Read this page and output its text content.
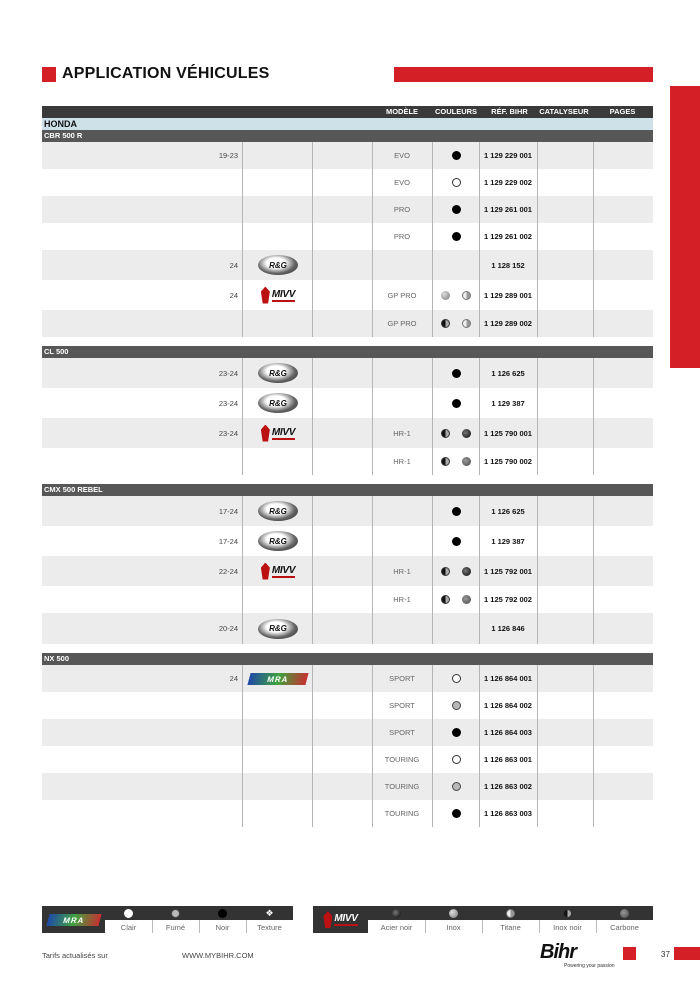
APPLICATION VÉHICULES
MODÈLE	COULEURS	RÉF. BIHR	CATALYSEUR	PAGES
HONDA
CBR 500 R
19-23	EVO	1 129 229 001
EVO	1 129 229 002
PRO	1 129 261 001
PRO	1 129 261 002
24	R&G	1 128 152
24	MIVV	GP PRO	1 129 289 001
GP PRO	1 129 289 002
CL 500
23-24	R&G	1 126 625
23-24	R&G	1 129 387
23-24	MIVV	HR-1	1 125 790 001
HR-1	1 125 790 002
CMX 500 REBEL
17-24	R&G	1 126 625
17-24	R&G	1 129 387
22-24	MIVV	HR-1	1 125 792 001
HR-1	1 125 792 002
20-24	R&G	1 126 846
NX 500
24	MRA	SPORT	1 126 864 001
SPORT	1 126 864 002
SPORT	1 126 864 003
TOURING	1 126 863 001
TOURING	1 126 863 002
TOURING	1 126 863 003
MRA
Clair	Fumé	Noir
❖
Texture
MIVV
Acier noir	Inox	Titane	Inox noir	Carbone
Tarifs actualisés sur	WWW.MYBIHR.COM	Bihr
Powering your passion
37
